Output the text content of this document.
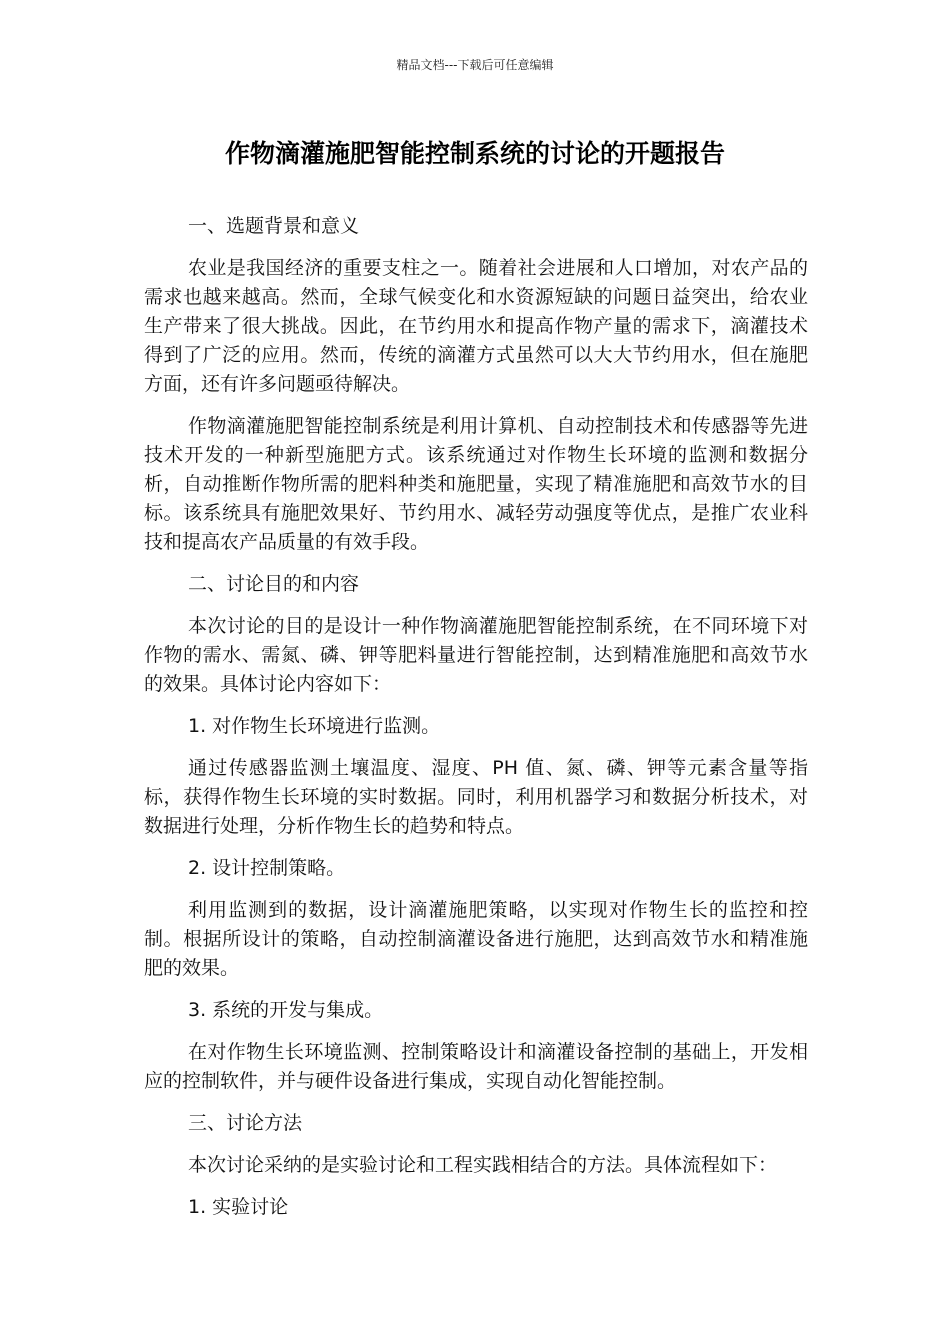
精品文档---下载后可任意编辑
作物滴灌施肥智能控制系统的讨论的开题报告

一、选题背景和意义

农业是我国经济的重要支柱之一。随着社会进展和人口增加，对农产品的需求也越来越高。然而，全球气候变化和水资源短缺的问题日益突出，给农业生产带来了很大挑战。因此，在节约用水和提高作物产量的需求下，滴灌技术得到了广泛的应用。然而，传统的滴灌方式虽然可以大大节约用水，但在施肥方面，还有许多问题亟待解决。

作物滴灌施肥智能控制系统是利用计算机、自动控制技术和传感器等先进技术开发的一种新型施肥方式。该系统通过对作物生长环境的监测和数据分析，自动推断作物所需的肥料种类和施肥量，实现了精准施肥和高效节水的目标。该系统具有施肥效果好、节约用水、减轻劳动强度等优点，是推广农业科技和提高农产品质量的有效手段。

二、讨论目的和内容

本次讨论的目的是设计一种作物滴灌施肥智能控制系统，在不同环境下对作物的需水、需氮、磷、钾等肥料量进行智能控制，达到精准施肥和高效节水的效果。具体讨论内容如下：

1. 对作物生长环境进行监测。

通过传感器监测土壤温度、湿度、PH 值、氮、磷、钾等元素含量等指标，获得作物生长环境的实时数据。同时，利用机器学习和数据分析技术，对数据进行处理，分析作物生长的趋势和特点。

2. 设计控制策略。

利用监测到的数据，设计滴灌施肥策略，以实现对作物生长的监控和控制。根据所设计的策略，自动控制滴灌设备进行施肥，达到高效节水和精准施肥的效果。

3. 系统的开发与集成。

在对作物生长环境监测、控制策略设计和滴灌设备控制的基础上，开发相应的控制软件，并与硬件设备进行集成，实现自动化智能控制。

三、讨论方法

本次讨论采纳的是实验讨论和工程实践相结合的方法。具体流程如下：

1. 实验讨论
